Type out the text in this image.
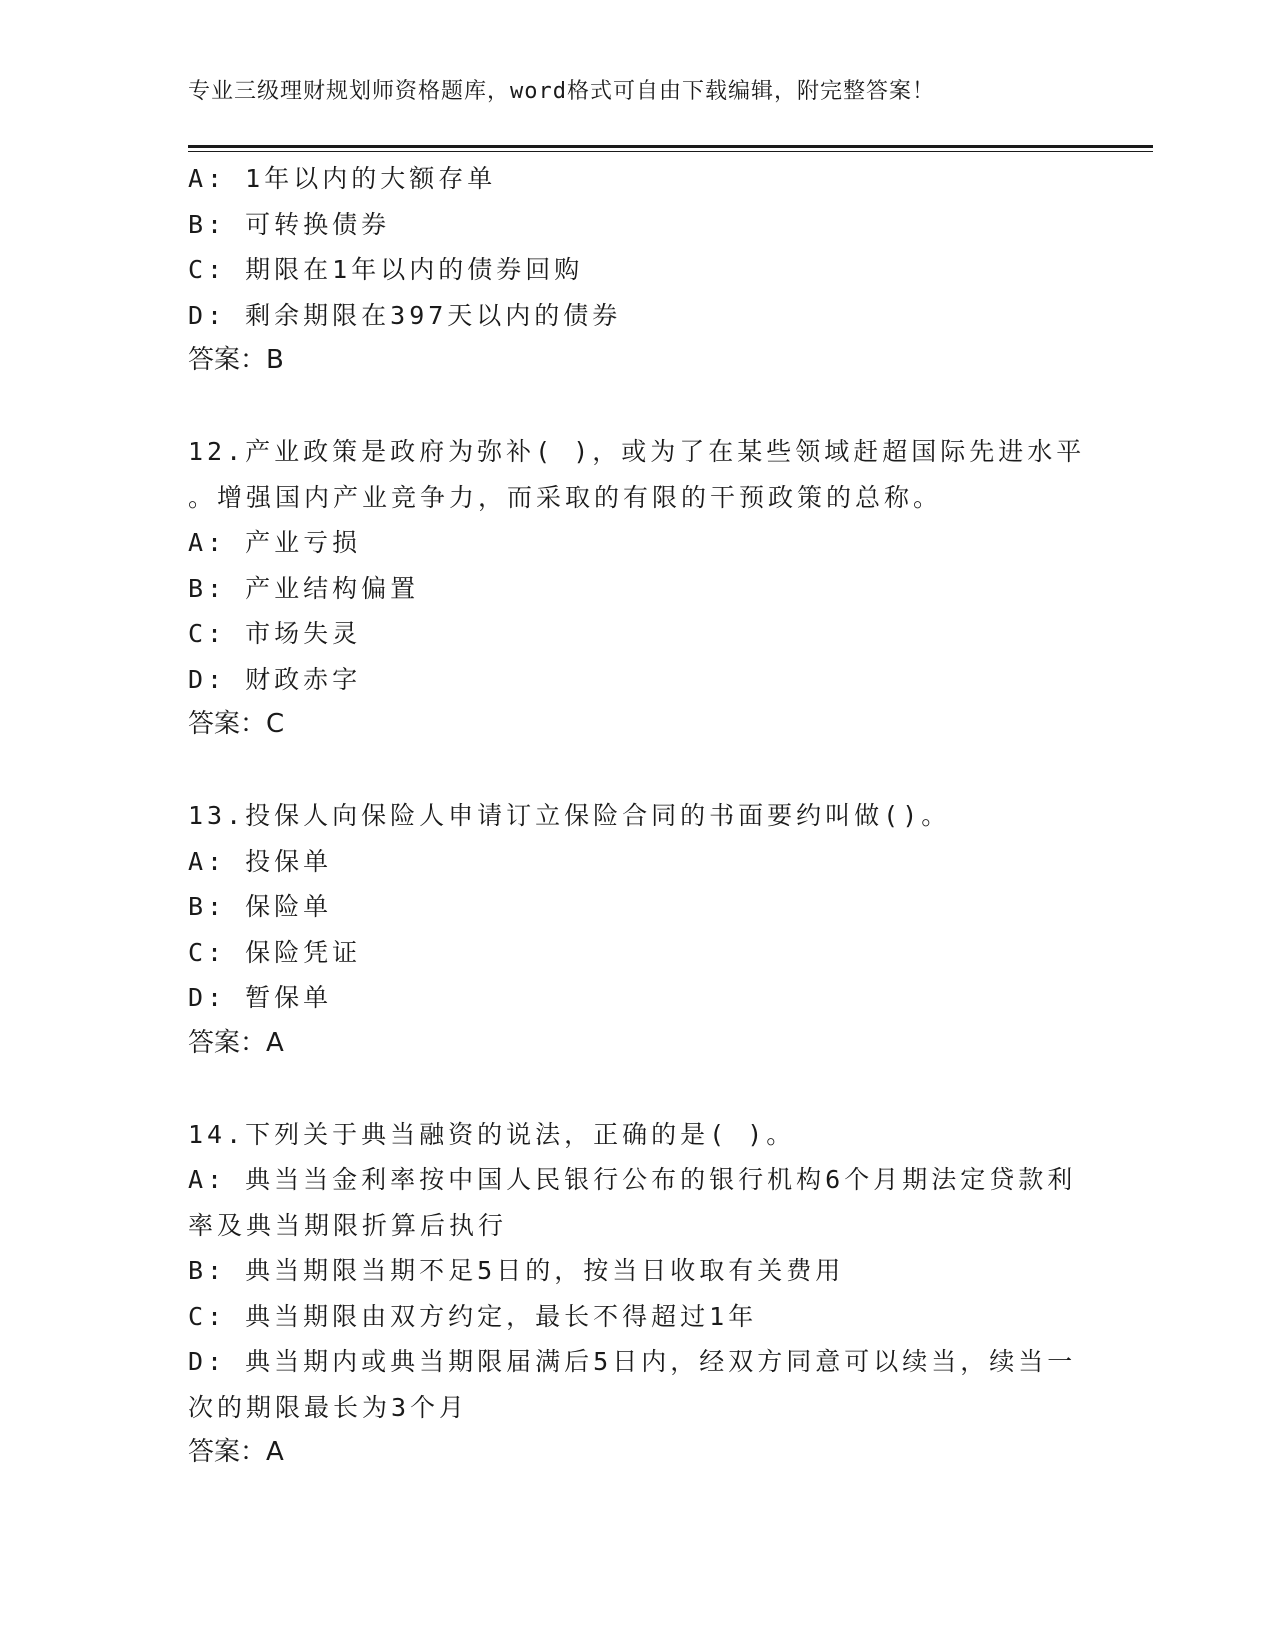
专业三级理财规划师资格题库，word格式可自由下载编辑，附完整答案！
A: 1年以内的大额存单
B: 可转换债券
C: 期限在1年以内的债券回购
D: 剩余期限在397天以内的债券
答案：B
12.产业政策是政府为弥补( )，或为了在某些领域赶超国际先进水平
。增强国内产业竞争力，而采取的有限的干预政策的总称。
A: 产业亏损
B: 产业结构偏置
C: 市场失灵
D: 财政赤字
答案：C
13.投保人向保险人申请订立保险合同的书面要约叫做()。
A: 投保单
B: 保险单
C: 保险凭证
D: 暂保单
答案：A
14.下列关于典当融资的说法，正确的是( )。
A: 典当当金利率按中国人民银行公布的银行机构6个月期法定贷款利
率及典当期限折算后执行
B: 典当期限当期不足5日的，按当日收取有关费用
C: 典当期限由双方约定，最长不得超过1年
D: 典当期内或典当期限届满后5日内，经双方同意可以续当，续当一
次的期限最长为3个月
答案：A
